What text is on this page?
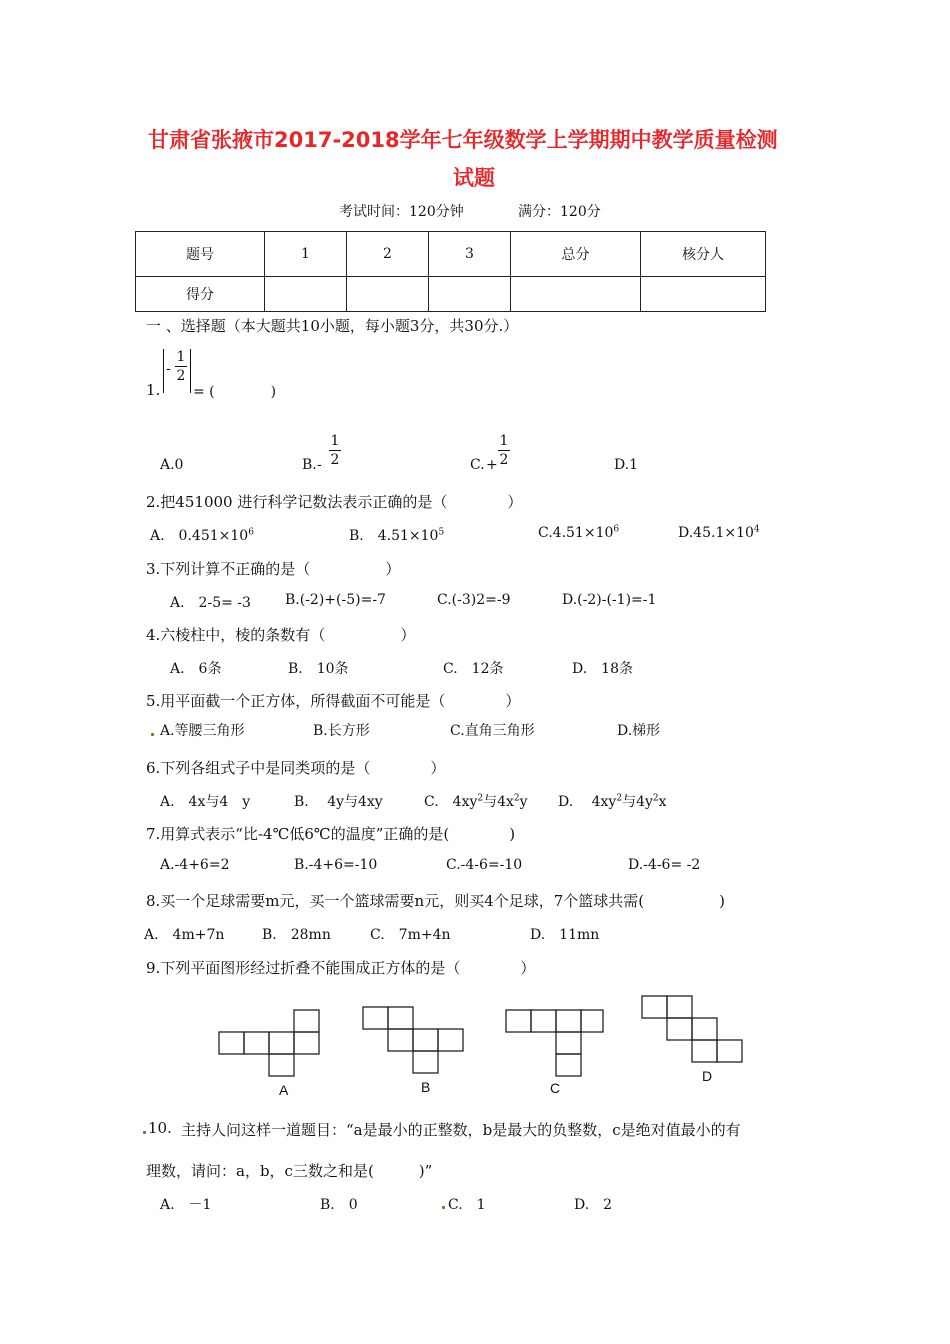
甘肃省张掖市2017-2018学年七年级数学上学期期中教学质量检测
试题
考试时间：120分钟	满分：120分
题号	1	2	3	总分	核分人
得分					
一 、选择题（本大题共10小题，每小题3分，共30分.）
1.
-
1
2
= (　　　　)
A.0	B. -
1
2	C. +
1
2	D.1
2.把451000 进行科学记数法表示正确的是（　　　　）
A.　$0.451\times 10^6$	B.　$4.51\times 10^5$	$C.4.51\times 10^6$	$D.45.1\times 10^4$
3.下列计算不正确的是（　　　　　）
A.　2-5= -3 B.(-2)+(-5)=-7	C.(-3)2=-9	D.(-2)-(-1)=-1
4.六棱柱中，棱的条数有（　　　　　）
A.　6条	B.　10条	C.　12条	D.　18条
5.用平面截一个正方体，所得截面不可能是（　　　　）
A.等腰三角形	B.长方形	C.直角三角形	D.梯形
6.下列各组式子中是同类项的是（　　　　）
A.　4x与4　y	B.　 4y与4xy	C.　$4xy^2$与$4x^2y$ D.　 $4xy^2$与$4y^2x$
7.用算式表示“比-4℃低6℃的温度”正确的是(　　　　)
A.-4+6=2	B.-4+6=-10	C.-4-6=-10	D.-4-6= -2
8.买一个足球需要m元，买一个篮球需要n元，则买4个足球，7个篮球共需(　　　　　)
A.　4m+7n	B.　28mn	C.　7m+4n	D.　11mn
9.下列平面图形经过折叠不能围成正方体的是（　　　　）
A	B	C
D
10. 主持人问这样一道题目：“a是最小的正整数，b是最大的负整数，c是绝对值最小的有
理数，请问：a，b，c三数之和是(　　　)”
A.　－1	B.　0	C.　1	D.　2
